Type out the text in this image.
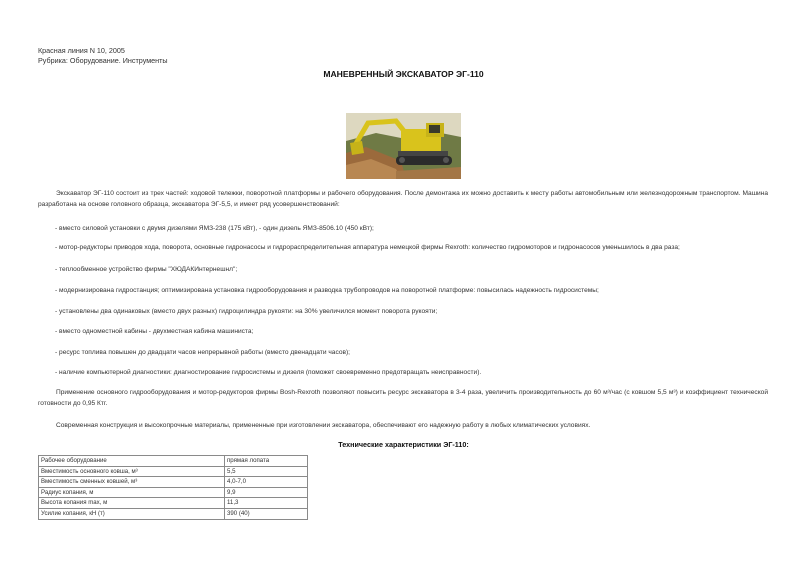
Красная линия N 10, 2005
Рубрика: Оборудование. Инструменты
МАНЕВРЕННЫЙ ЭКСКАВАТОР ЭГ-110
Экскаватор ЭГ-110 состоит из трех частей: ходовой тележки, поворотной платформы и рабочего оборудования. После демонтажа их можно доставить к месту работы автомобильным или железнодорожным транспортом. Машина разработана на основе головного образца, экскаватора ЭГ-5,5, и имеет ряд усовершенствований:
- вместо силовой установки с двумя дизелями ЯМЗ-238 (175 кВт), - один дизель ЯМЗ-8506.10 (450 кВт);
- мотор-редукторы приводов хода, поворота, основные гидронасосы и гидрораспределительная аппаратура немецкой фирмы Rexroth: количество гидромоторов и гидронасосов уменьшилось в два раза;
- теплообменное устройство фирмы "ХЮДАКИнтернешнл";
- модернизирована гидростанция; оптимизирована установка гидрооборудования и разводка трубопроводов на поворотной платформе: повысилась надежность гидросистемы;
- установлены два одинаковых (вместо двух разных) гидроцилиндра рукояти: на 30% увеличился момент поворота рукояти;
- вместо одноместной кабины - двухместная кабина машиниста;
- ресурс топлива повышен до двадцати часов непрерывной работы (вместо двенадцати часов);
- наличие компьютерной диагностики: диагностирование гидросистемы и дизеля (поможет своевременно предотвращать неисправности).
Применение основного гидрооборудования и мотор-редукторов фирмы Bosh-Rexroth позволяют повысить ресурс экскаватора в 3-4 раза, увеличить производительность до 60 м³/час (с ковшом 5,5 м³) и коэффициент технической готовности до 0,95 Ктг.
Современная конструкция и высокопрочные материалы, примененные при изготовлении экскаватора, обеспечивают его надежную работу в любых климатических условиях.
Технические характеристики ЭГ-110:
Рабочее оборудование	прямая лопата
Вместимость основного ковша, м³	5,5
Вместимость сменных ковшей, м³	4,0-7,0
Радиус копания, м	9,9
Высота копания max, м	11,3
Усилие копания, кН (т)	390 (40)
